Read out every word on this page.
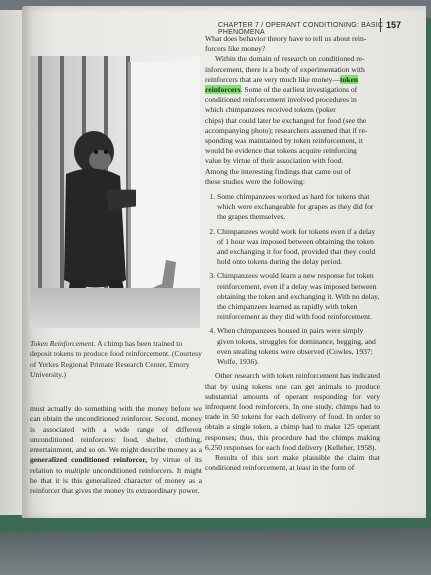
CHAPTER 7 / OPERANT CONDITIONING: BASIC PHENOMENA
157
Token Reinforcement. A chimp has been trained to deposit tokens to produce food reinforcement. (Courtesy of Yerkes Regional Primate Research Center, Emory University.)
must actually do something with the money before we can obtain the unconditioned reinforcer. Second, money is associated with a wide range of different unconditioned reinforcers: food, shelter, clothing, entertainment, and so on. We might describe money as a generalized conditioned reinforcer, by virtue of its relation to multiple unconditioned reinforcers. It might be that it is this generalized character of money as a reinforcer that gives the money its extraordinary power.

What does behavior theory have to tell us about rein-

forcers like money?

Within the domain of research on conditioned re-

inforcement, there is a body of experimentation with

reinforcers that are very much like money—token

reinforcers. Some of the earliest investigations of

conditioned reinforcement involved procedures in

which chimpanzees received tokens (poker

chips) that could later be exchanged for food (see the

accompanying photo); researchers assumed that if re-

sponding was maintained by token reinforcement, it

would be evidence that tokens acquire reinforcing

value by virtue of their association with food.

Among the interesting findings that came out of

these studies were the following:

1. Some chimpanzees worked as hard for tokens that which were exchangeable for grapes as they did for the grapes themselves.
2. Chimpanzees would work for tokens even if a delay of 1 hour was imposed between obtaining the token and exchanging it for food, provided that they could hold onto tokens during the delay period.
3. Chimpanzees would learn a new response for token reinforcement, even if a delay was imposed between obtaining the token and exchanging it. With no delay, the chimpanzees learned as rapidly with token reinforcement as they did with food reinforcement.
4. When chimpanzees housed in pairs were simply given tokens, struggles for dominance, begging, and even stealing tokens were observed (Cowles, 1937; Wolfe, 1936).

Other research with token reinforcement has indicated that by using tokens one can get animals to produce substantial amounts of operant responding for very infrequent food reinforcers. In one study, chimps had to trade in 50 tokens for each delivery of food. In order to obtain a single token, a chimp had to make 125 operant responses; thus, this procedure had the chimps making 6,250 responses for each food delivery (Kelleher, 1958).

Results of this sort make plausible the claim that conditioned reinforcement, at least in the form of
